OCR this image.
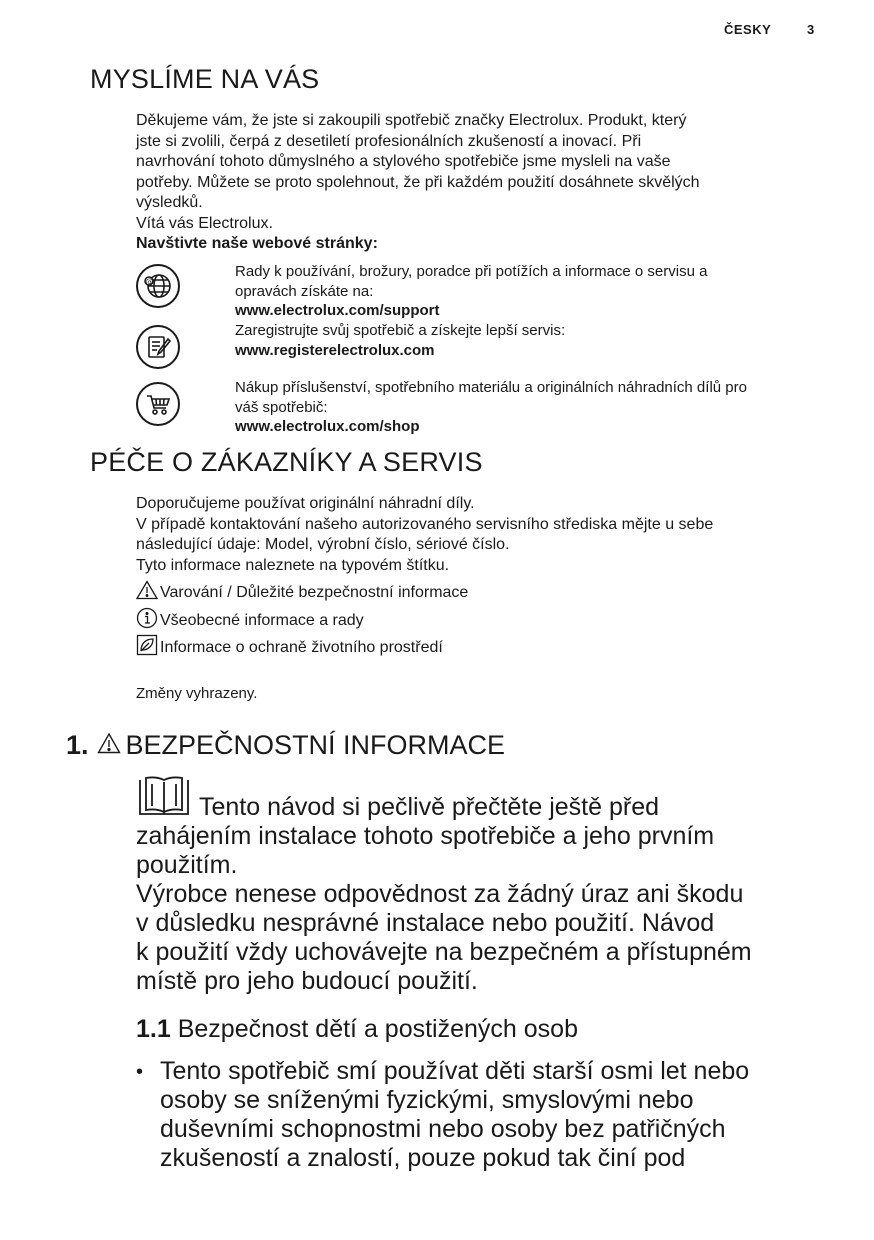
ČESKY	3
MYSLÍME NA VÁS
Děkujeme vám, že jste si zakoupili spotřebič značky Electrolux. Produkt, který
jste si zvolili, čerpá z desetiletí profesionálních zkušeností a inovací. Při
navrhování tohoto důmyslného a stylového spotřebiče jsme mysleli na vaše
potřeby. Můžete se proto spolehnout, že při každém použití dosáhnete skvělých
výsledků.
Vítá vás Electrolux.
Navštivte naše webové stránky:
@
Rady k používání, brožury, poradce při potížích a informace o servisu a
opravách získáte na:
www.electrolux.com/support
Zaregistrujte svůj spotřebič a získejte lepší servis:
www.registerelectrolux.com
Nákup příslušenství, spotřebního materiálu a originálních náhradních dílů pro
váš spotřebič:
www.electrolux.com/shop
PÉČE O ZÁKAZNÍKY A SERVIS
Doporučujeme používat originální náhradní díly.
V případě kontaktování našeho autorizovaného servisního střediska mějte u sebe
následující údaje: Model, výrobní číslo, sériové číslo.
Tyto informace naleznete na typovém štítku.
Varování / Důležité bezpečnostní informace
Všeobecné informace a rady
Informace o ochraně životního prostředí
Změny vyhrazeny.
1. BEZPEČNOSTNÍ INFORMACE
Tento návod si pečlivě přečtěte ještě před
zahájením instalace tohoto spotřebiče a jeho prvním
použitím.
Výrobce nenese odpovědnost za žádný úraz ani škodu
v důsledku nesprávné instalace nebo použití. Návod
k použití vždy uchovávejte na bezpečném a přístupném
místě pro jeho budoucí použití.
1.1 Bezpečnost dětí a postižených osob
• Tento spotřebič smí používat děti starší osmi let nebo
osoby se sníženými fyzickými, smyslovými nebo
duševními schopnostmi nebo osoby bez patřičných
zkušeností a znalostí, pouze pokud tak činí pod
